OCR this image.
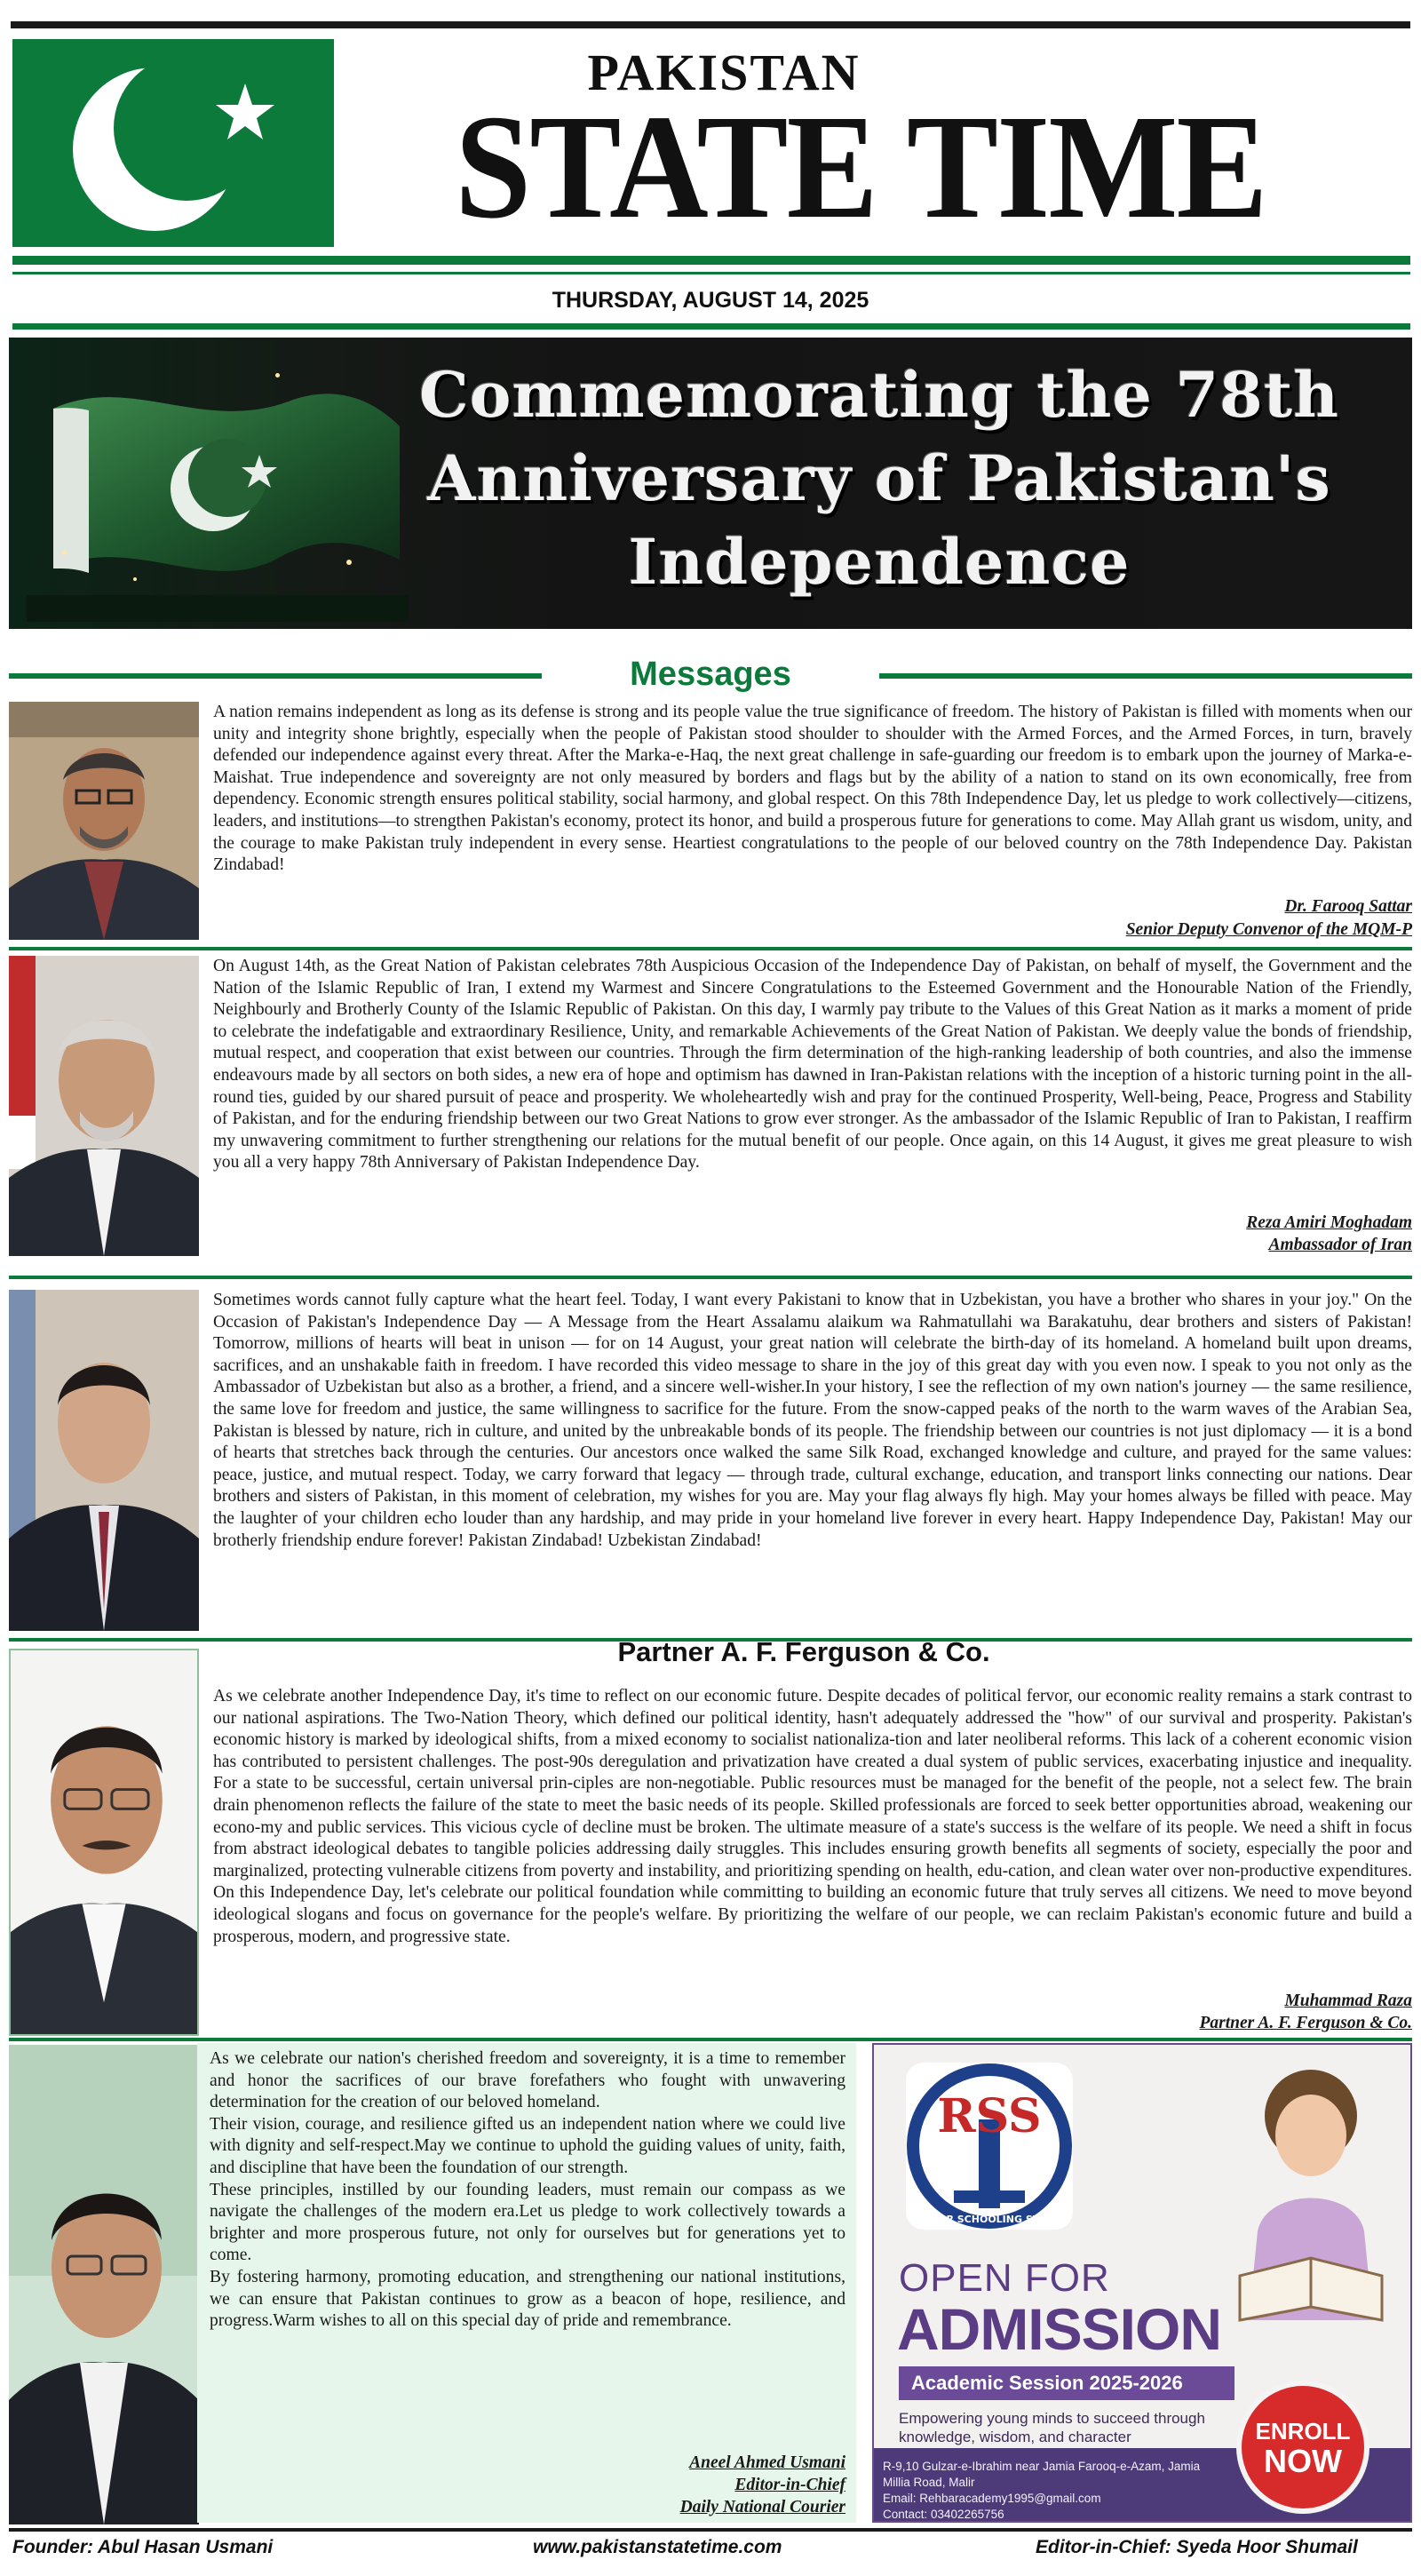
PAKISTAN
STATE TIME
THURSDAY, AUGUST 14, 2025
Commemorating the 78th
Anniversary of Pakistan's
Independence
Messages
A nation remains independent as long as its defense is strong and its people value the true significance of freedom. The history of Pakistan is filled with moments when our unity and integrity shone brightly, especially when the people of Pakistan stood shoulder to shoulder with the Armed Forces, and the Armed Forces, in turn, bravely defended our independence against every threat. After the Marka-e-Haq, the next great challenge in safe-guarding our freedom is to embark upon the journey of Marka-e-Maishat. True independence and sovereignty are not only measured by borders and flags but by the ability of a nation to stand on its own economically, free from dependency. Economic strength ensures political stability, social harmony, and global respect. On this 78th Independence Day, let us pledge to work collectively—citizens, leaders, and institutions—to strengthen Pakistan's economy, protect its honor, and build a prosperous future for generations to come. May Allah grant us wisdom, unity, and the courage to make Pakistan truly independent in every sense. Heartiest congratulations to the people of our beloved country on the 78th Independence Day. Pakistan Zindabad!
Dr. Farooq Sattar
Senior Deputy Convenor of the MQM-P
On August 14th, as the Great Nation of Pakistan celebrates 78th Auspicious Occasion of the Independence Day of Pakistan, on behalf of myself, the Government and the Nation of the Islamic Republic of Iran, I extend my Warmest and Sincere Congratulations to the Esteemed Government and the Honourable Nation of the Friendly, Neighbourly and Brotherly County of the Islamic Republic of Pakistan. On this day, I warmly pay tribute to the Values of this Great Nation as it marks a moment of pride to celebrate the indefatigable and extraordinary Resilience, Unity, and remarkable Achievements of the Great Nation of Pakistan. We deeply value the bonds of friendship, mutual respect, and cooperation that exist between our countries. Through the firm determination of the high-ranking leadership of both countries, and also the immense endeavours made by all sectors on both sides, a new era of hope and optimism has dawned in Iran-Pakistan relations with the inception of a historic turning point in the all-round ties, guided by our shared pursuit of peace and prosperity. We wholeheartedly wish and pray for the continued Prosperity, Well-being, Peace, Progress and Stability of Pakistan, and for the enduring friendship between our two Great Nations to grow ever stronger. As the ambassador of the Islamic Republic of Iran to Pakistan, I reaffirm my unwavering commitment to further strengthening our relations for the mutual benefit of our people. Once again, on this 14 August, it gives me great pleasure to wish you all a very happy 78th Anniversary of Pakistan Independence Day.
Reza Amiri Moghadam
Ambassador of Iran
Sometimes words cannot fully capture what the heart feel. Today, I want every Pakistani to know that in Uzbekistan, you have a brother who shares in your joy." On the Occasion of Pakistan's Independence Day — A Message from the Heart Assalamu alaikum wa Rahmatullahi wa Barakatuhu, dear brothers and sisters of Pakistan! Tomorrow, millions of hearts will beat in unison — for on 14 August, your great nation will celebrate the birth-day of its homeland. A homeland built upon dreams, sacrifices, and an unshakable faith in freedom. I have recorded this video message to share in the joy of this great day with you even now. I speak to you not only as the Ambassador of Uzbekistan but also as a brother, a friend, and a sincere well-wisher.In your history, I see the reflection of my own nation's journey — the same resilience, the same love for freedom and justice, the same willingness to sacrifice for the future. From the snow-capped peaks of the north to the warm waves of the Arabian Sea, Pakistan is blessed by nature, rich in culture, and united by the unbreakable bonds of its people. The friendship between our countries is not just diplomacy — it is a bond of hearts that stretches back through the centuries. Our ancestors once walked the same Silk Road, exchanged knowledge and culture, and prayed for the same values: peace, justice, and mutual respect. Today, we carry forward that legacy — through trade, cultural exchange, education, and transport links connecting our nations. Dear brothers and sisters of Pakistan, in this moment of celebration, my wishes for you are. May your flag always fly high. May your homes always be filled with peace. May the laughter of your children echo louder than any hardship, and may pride in your homeland live forever in every heart. Happy Independence Day, Pakistan! May our brotherly friendship endure forever! Pakistan Zindabad! Uzbekistan Zindabad!
Partner A. F. Ferguson & Co.
As we celebrate another Independence Day, it's time to reflect on our economic future. Despite decades of political fervor, our economic reality remains a stark contrast to our national aspirations. The Two-Nation Theory, which defined our political identity, hasn't adequately addressed the "how" of our survival and prosperity. Pakistan's economic history is marked by ideological shifts, from a mixed economy to socialist nationaliza-tion and later neoliberal reforms. This lack of a coherent economic vision has contributed to persistent challenges. The post-90s deregulation and privatization have created a dual system of public services, exacerbating injustice and inequality. For a state to be successful, certain universal prin-ciples are non-negotiable. Public resources must be managed for the benefit of the people, not a select few. The brain drain phenomenon reflects the failure of the state to meet the basic needs of its people. Skilled professionals are forced to seek better opportunities abroad, weakening our econo-my and public services. This vicious cycle of decline must be broken. The ultimate measure of a state's success is the welfare of its people. We need a shift in focus from abstract ideological debates to tangible policies addressing daily struggles. This includes ensuring growth benefits all segments of society, especially the poor and marginalized, protecting vulnerable citizens from poverty and instability, and prioritizing spending on health, edu-cation, and clean water over non-productive expenditures. On this Independence Day, let's celebrate our political foundation while committing to building an economic future that truly serves all citizens. We need to move beyond ideological slogans and focus on governance for the people's welfare. By prioritizing the welfare of our people, we can reclaim Pakistan's economic future and build a prosperous, modern, and progressive state.
Muhammad Raza
Partner A. F. Ferguson & Co.
As we celebrate our nation's cherished freedom and sovereignty, it is a time to remember and honor the sacrifices of our brave forefathers who fought with unwavering determination for the creation of our beloved homeland.
Their vision, courage, and resilience gifted us an independent nation where we could live with dignity and self-respect.May we continue to uphold the guiding values of unity, faith, and discipline that have been the foundation of our strength.
These principles, instilled by our founding leaders, must remain our compass as we navigate the challenges of the modern era.Let us pledge to work collectively towards a brighter and more prosperous future, not only for ourselves but for generations yet to come.
By fostering harmony, promoting education, and strengthening our national institutions, we can ensure that Pakistan continues to grow as a beacon of hope, resilience, and progress.Warm wishes to all on this special day of pride and remembrance.
Aneel Ahmed Usmani
Editor-in-Chief
Daily National Courier
RSS
REHBAR SCHOOLING SYSTEM
OPEN FOR
ADMISSION
Academic Session 2025-2026
Empowering young minds to succeed through knowledge, wisdom, and character
R-9,10 Gulzar-e-Ibrahim near Jamia Farooq-e-Azam, Jamia
Millia Road, Malir
Email: Rehbaracademy1995@gmail.com
Contact: 03402265756
ENROLL
NOW
Founder: Abul Hasan Usmani	www.pakistanstatetime.com	Editor-in-Chief: Syeda Hoor Shumail
